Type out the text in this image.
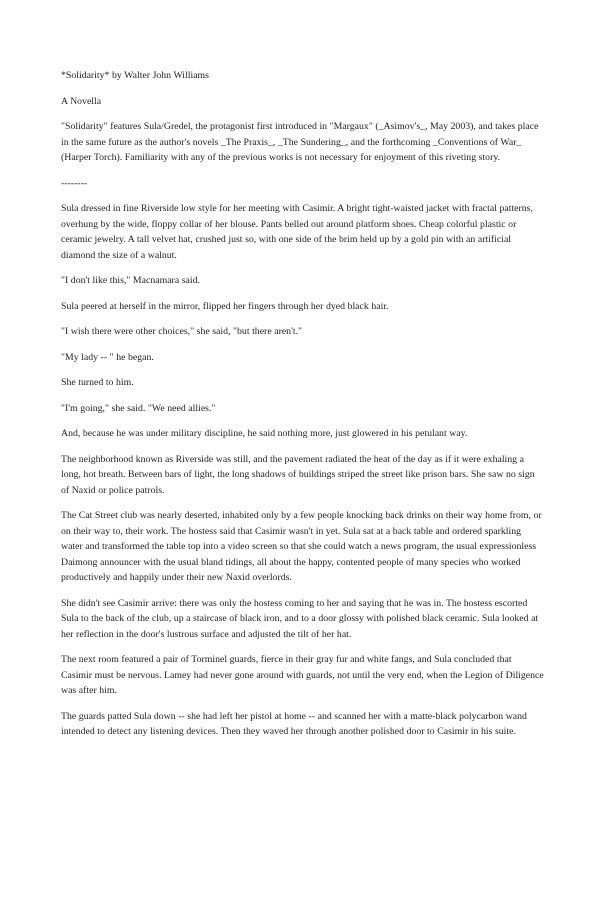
*Solidarity* by Walter John Williams

A Novella

"Solidarity" features Sula/Gredel, the protagonist first introduced in "Margaux" (_Asimov's_, May 2003), and takes place in the same future as the author's novels _The Praxis_, _The Sundering_, and the forthcoming _Conventions of War_ (Harper Torch). Familiarity with any of the previous works is not necessary for enjoyment of this riveting story.

--------

Sula dressed in fine Riverside low style for her meeting with Casimir. A bright tight-waisted jacket with fractal patterns, overhung by the wide, floppy collar of her blouse. Pants belled out around platform shoes. Cheap colorful plastic or ceramic jewelry. A tall velvet hat, crushed just so, with one side of the brim held up by a gold pin with an artificial diamond the size of a walnut.

"I don't like this," Macnamara said.

Sula peered at herself in the mirror, flipped her fingers through her dyed black hair.

"I wish there were other choices," she said, "but there aren't."

"My lady -- " he began.

She turned to him.

"I'm going," she said. "We need allies."

And, because he was under military discipline, he said nothing more, just glowered in his petulant way.

The neighborhood known as Riverside was still, and the pavement radiated the heat of the day as if it were exhaling a long, hot breath. Between bars of light, the long shadows of buildings striped the street like prison bars. She saw no sign of Naxid or police patrols.

The Cat Street club was nearly deserted, inhabited only by a few people knocking back drinks on their way home from, or on their way to, their work. The hostess said that Casimir wasn't in yet. Sula sat at a back table and ordered sparkling water and transformed the table top into a video screen so that she could watch a news program, the usual expressionless Daimong announcer with the usual bland tidings, all about the happy, contented people of many species who worked productively and happily under their new Naxid overlords.

She didn't see Casimir arrive: there was only the hostess coming to her and saying that he was in. The hostess escorted Sula to the back of the club, up a staircase of black iron, and to a door glossy with polished black ceramic. Sula looked at her reflection in the door's lustrous surface and adjusted the tilt of her hat.

The next room featured a pair of Torminel guards, fierce in their gray fur and white fangs, and Sula concluded that Casimir must be nervous. Lamey had never gone around with guards, not until the very end, when the Legion of Diligence was after him.

The guards patted Sula down -- she had left her pistol at home -- and scanned her with a matte-black polycarbon wand intended to detect any listening devices. Then they waved her through another polished door to Casimir in his suite.
